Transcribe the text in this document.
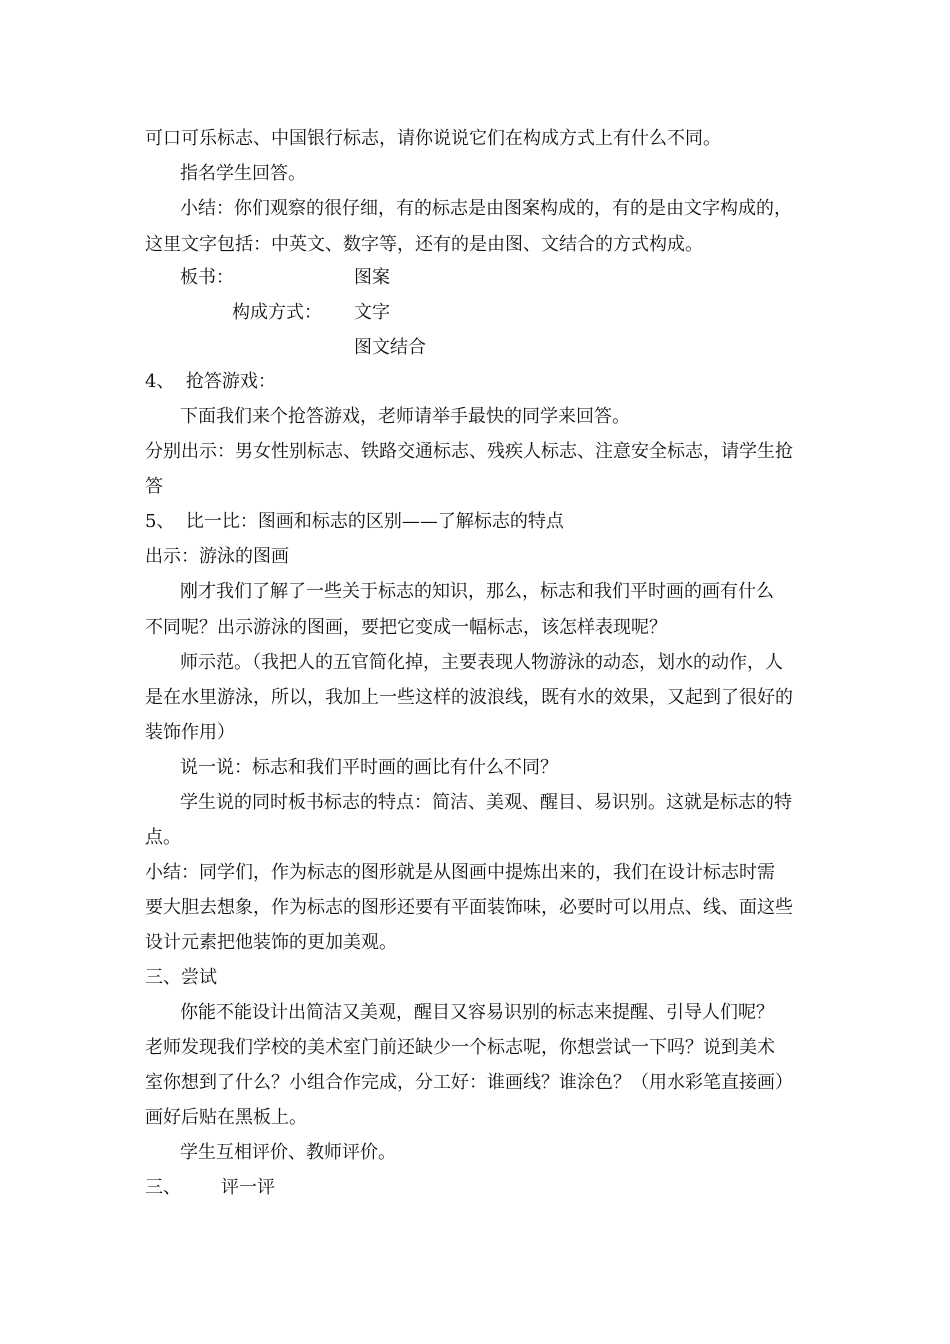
可口可乐标志、中国银行标志，请你说说它们在构成方式上有什么不同。
指名学生回答。
小结：你们观察的很仔细，有的标志是由图案构成的，有的是由文字构成的，
这里文字包括：中英文、数字等，还有的是由图、文结合的方式构成。
板书：	图案
构成方式： 文字
图文结合
4、  抢答游戏：
下面我们来个抢答游戏，老师请举手最快的同学来回答。
分别出示：男女性别标志、铁路交通标志、残疾人标志、注意安全标志，请学生抢
答
5、  比一比：图画和标志的区别——了解标志的特点
出示：游泳的图画
刚才我们了解了一些关于标志的知识，那么，标志和我们平时画的画有什么
不同呢？出示游泳的图画，要把它变成一幅标志，该怎样表现呢？
师示范。（我把人的五官简化掉，主要表现人物游泳的动态，划水的动作，人
是在水里游泳，所以，我加上一些这样的波浪线，既有水的效果，又起到了很好的
装饰作用）
说一说：标志和我们平时画的画比有什么不同？
学生说的同时板书标志的特点：简洁、美观、醒目、易识别。这就是标志的特
点。
小结：同学们，作为标志的图形就是从图画中提炼出来的，我们在设计标志时需
要大胆去想象，作为标志的图形还要有平面装饰味，必要时可以用点、线、面这些
设计元素把他装饰的更加美观。
三、尝试
你能不能设计出简洁又美观，醒目又容易识别的标志来提醒、引导人们呢？
老师发现我们学校的美术室门前还缺少一个标志呢，你想尝试一下吗？说到美术
室你想到了什么？小组合作完成，分工好：谁画线？谁涂色？（用水彩笔直接画）
画好后贴在黑板上。
学生互相评价、教师评价。
三、       评一评
